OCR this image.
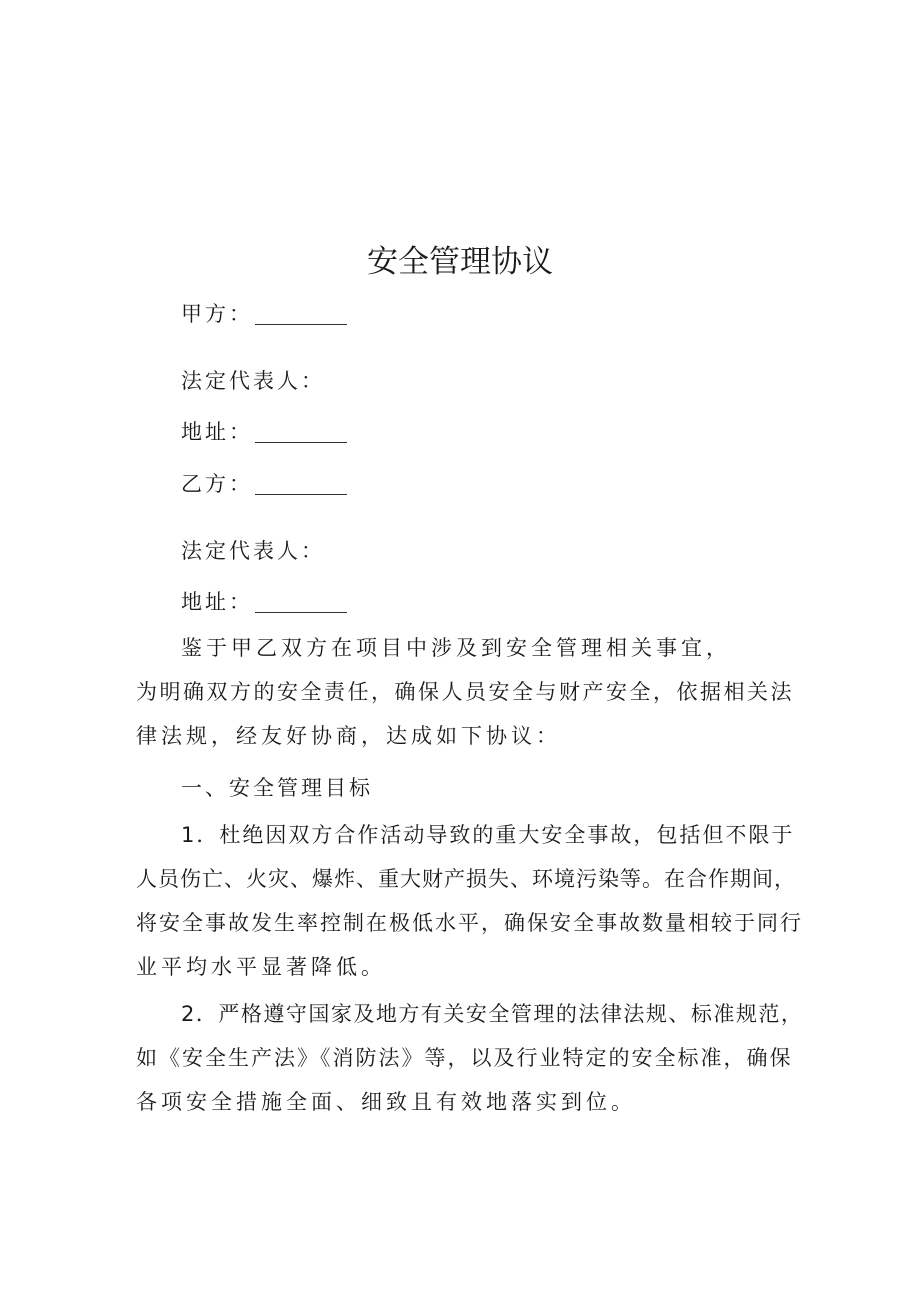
安全管理协议
甲方：
法定代表人：
地址：
乙方：
法定代表人：
地址：
鉴于甲乙双方在项目中涉及到安全管理相关事宜，
为明确双方的安全责任，确保人员安全与财产安全，依据相关法
律法规，经友好协商，达成如下协议：
一、安全管理目标
1．杜绝因双方合作活动导致的重大安全事故，包括但不限于
人员伤亡、火灾、爆炸、重大财产损失、环境污染等。在合作期间，
将安全事故发生率控制在极低水平，确保安全事故数量相较于同行
业平均水平显著降低。
2．严格遵守国家及地方有关安全管理的法律法规、标准规范，
如《安全生产法》《消防法》等，以及行业特定的安全标准，确保
各项安全措施全面、细致且有效地落实到位。
